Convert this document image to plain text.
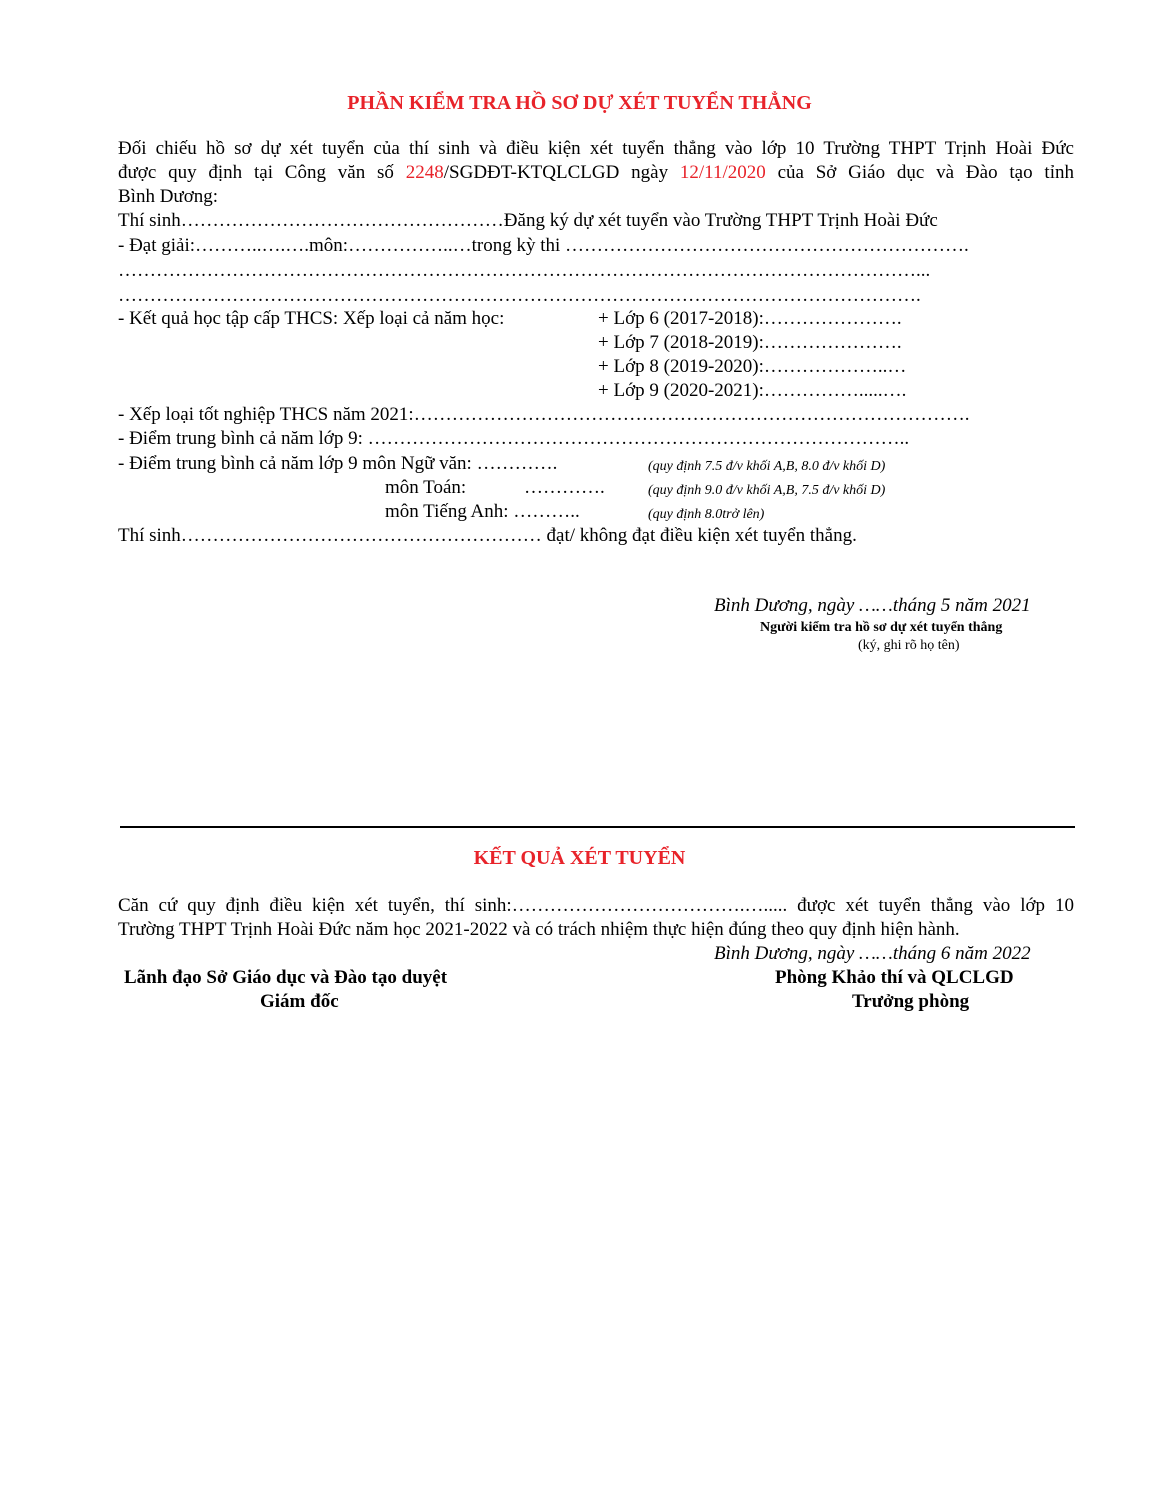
PHẦN KIỂM TRA HỒ SƠ DỰ XÉT TUYỂN THẲNG
Đối chiếu hồ sơ dự xét tuyển của thí sinh và điều kiện xét tuyển thẳng vào lớp 10 Trường THPT Trịnh Hoài Đức
được quy định tại Công văn số 2248/SGDĐT-KTQLCLGD ngày 12/11/2020 của Sở Giáo dục và Đào tạo tỉnh
Bình Dương:
Thí sinh……………………………………………Đăng ký dự xét tuyển vào Trường THPT Trịnh Hoài Đức
- Đạt giải:………..….….môn:……………..…trong kỳ thi ……………………………………………………….
………………………………………………………………………………………………………………...
……………………………………………………………………………………………………………….
- Kết quả học tập cấp THCS: Xếp loại cả năm học:	+ Lớp 6 (2017-2018):………………….
+ Lớp 7 (2018-2019):………………….
+ Lớp 8 (2019-2020):………………..…
+ Lớp 9 (2020-2021):…………….....….
- Xếp loại tốt nghiệp THCS năm 2021:…………………………………………………………………………….
- Điểm trung bình cả năm lớp 9: …………………………………………………………………………..
- Điểm trung bình cả năm lớp 9 môn Ngữ văn: ………….	(quy định 7.5 đ/v khối A,B, 8.0 đ/v khối D)
môn Toán:	………….	(quy định 9.0 đ/v khối A,B, 7.5 đ/v khối D)
môn Tiếng Anh: ………..	(quy định 8.0trở lên)
Thí sinh………………………………………………… đạt/ không đạt điều kiện xét tuyển thẳng.
Bình Dương, ngày ……tháng 5 năm 2021
Người kiểm tra hồ sơ dự xét tuyển thẳng
(ký, ghi rõ họ tên)
KẾT QUẢ XÉT TUYỂN
Căn cứ quy định điều kiện xét tuyển, thí sinh:……………………………….…..... được xét tuyển thẳng vào lớp 10
Trường THPT Trịnh Hoài Đức năm học 2021-2022 và có trách nhiệm thực hiện đúng theo quy định hiện hành.
Bình Dương, ngày ……tháng 6 năm 2022
Lãnh đạo Sở Giáo dục và Đào tạo duyệt
Giám đốc
Phòng Khảo thí và QLCLGD
Trưởng phòng
